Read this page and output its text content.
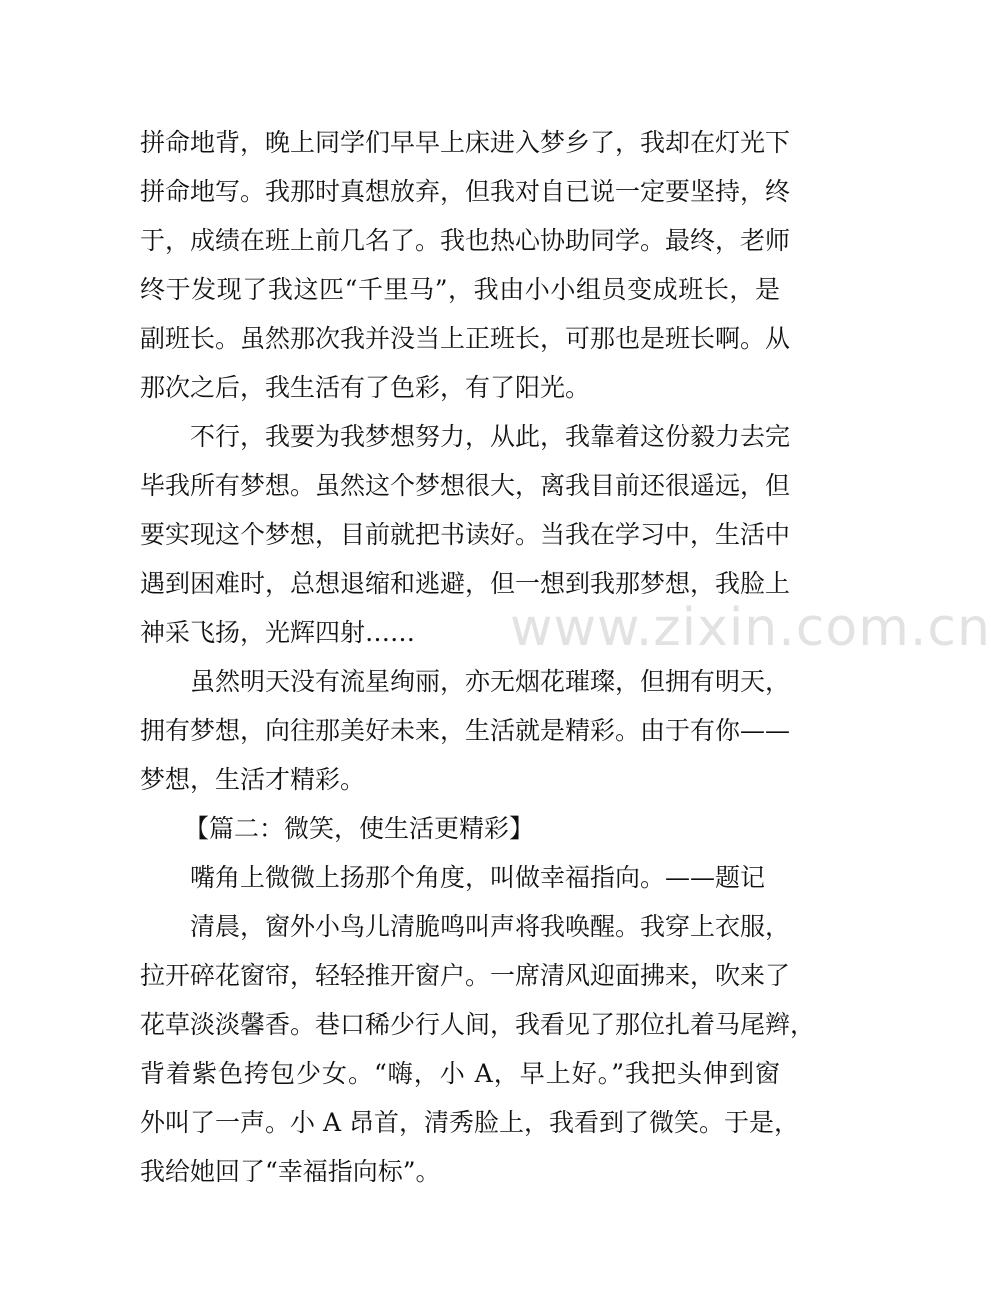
拼命地背，晚上同学们早早上床进入梦乡了，我却在灯光下
拼命地写。我那时真想放弃，但我对自已说一定要坚持，终
于，成绩在班上前几名了。我也热心协助同学。最终，老师
终于发现了我这匹“千里马”，我由小小组员变成班长，是
副班长。虽然那次我并没当上正班长，可那也是班长啊。从
那次之后，我生活有了色彩，有了阳光。
不行，我要为我梦想努力，从此，我靠着这份毅力去完
毕我所有梦想。虽然这个梦想很大，离我目前还很遥远，但
要实现这个梦想，目前就把书读好。当我在学习中，生活中
遇到困难时，总想退缩和逃避，但一想到我那梦想，我脸上
神采飞扬，光辉四射……
虽然明天没有流星绚丽，亦无烟花璀璨，但拥有明天，
拥有梦想，向往那美好未来，生活就是精彩。由于有你——
梦想，生活才精彩。
【篇二：微笑，使生活更精彩】
嘴角上微微上扬那个角度，叫做幸福指向。——题记
清晨，窗外小鸟儿清脆鸣叫声将我唤醒。我穿上衣服，
拉开碎花窗帘，轻轻推开窗户。一席清风迎面拂来，吹来了
花草淡淡馨香。巷口稀少行人间，我看见了那位扎着马尾辫，
背着紫色挎包少女。“嗨，小 A，早上好。”我把头伸到窗
外叫了一声。小 A 昂首，清秀脸上，我看到了微笑。于是，
我给她回了“幸福指向标”。
www.zixin.com.cn
